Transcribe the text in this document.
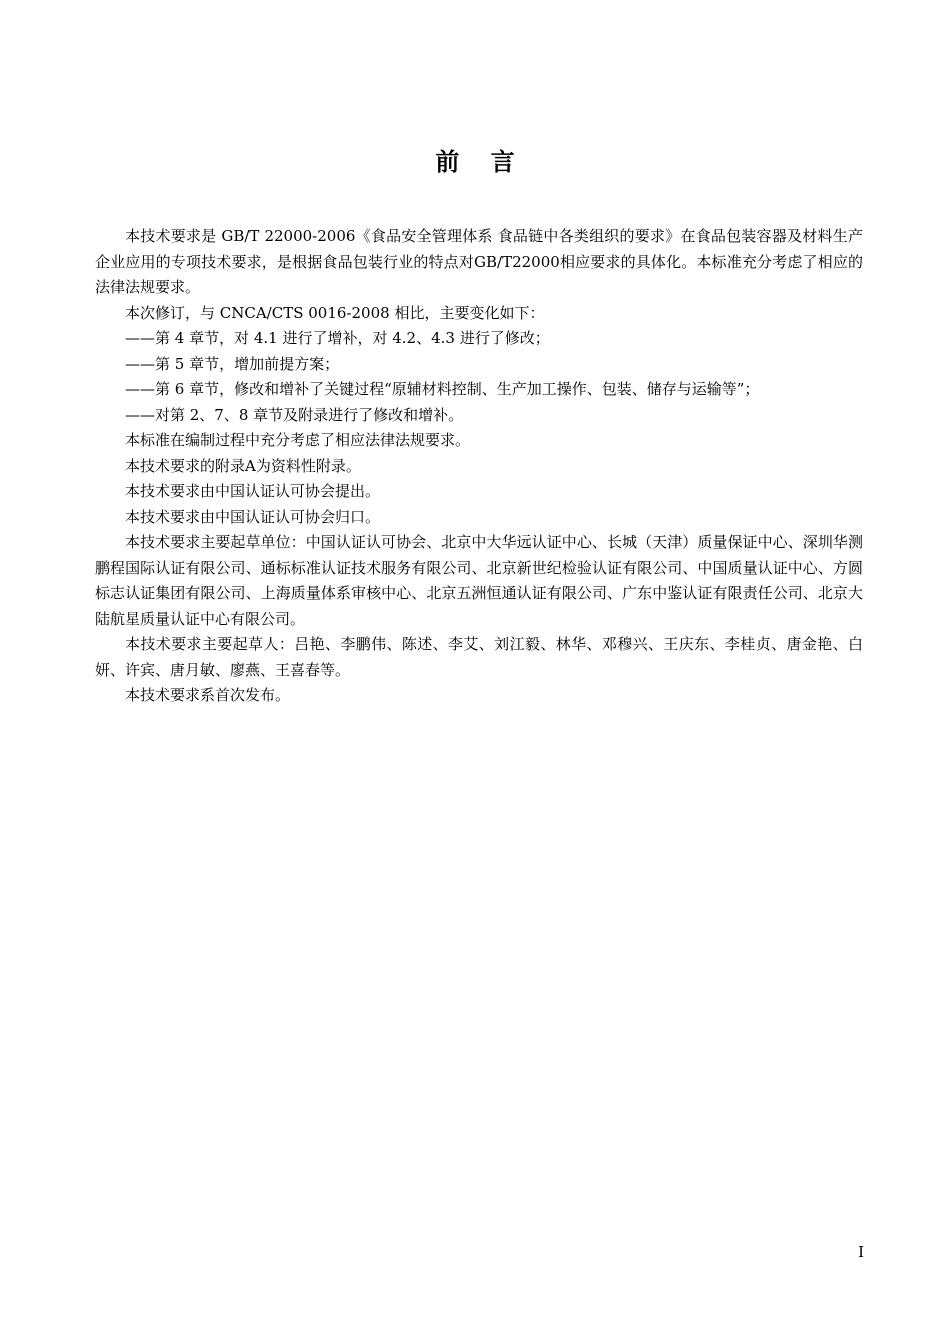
前言

本技术要求是 GB/T 22000-2006《食品安全管理体系 食品链中各类组织的要求》在食品包装容器及材料生产企业应用的专项技术要求，是根据食品包装行业的特点对GB/T22000相应要求的具体化。本标准充分考虑了相应的法律法规要求。

本次修订，与 CNCA/CTS 0016-2008 相比，主要变化如下：

——第 4 章节，对 4.1 进行了增补，对 4.2、4.3 进行了修改；

——第 5 章节，增加前提方案；

——第 6 章节，修改和增补了关键过程“原辅材料控制、生产加工操作、包装、储存与运输等”；

——对第 2、7、8 章节及附录进行了修改和增补。

本标准在编制过程中充分考虑了相应法律法规要求。

本技术要求的附录A为资料性附录。

本技术要求由中国认证认可协会提出。

本技术要求由中国认证认可协会归口。

本技术要求主要起草单位：中国认证认可协会、北京中大华远认证中心、长城（天津）质量保证中心、深圳华测鹏程国际认证有限公司、通标标准认证技术服务有限公司、北京新世纪检验认证有限公司、中国质量认证中心、方圆标志认证集团有限公司、上海质量体系审核中心、北京五洲恒通认证有限公司、广东中鉴认证有限责任公司、北京大陆航星质量认证中心有限公司。

本技术要求主要起草人：吕艳、李鹏伟、陈述、李艾、刘江毅、林华、邓穆兴、王庆东、李桂贞、唐金艳、白妍、许宾、唐月敏、廖燕、王喜春等。

本技术要求系首次发布。

I
